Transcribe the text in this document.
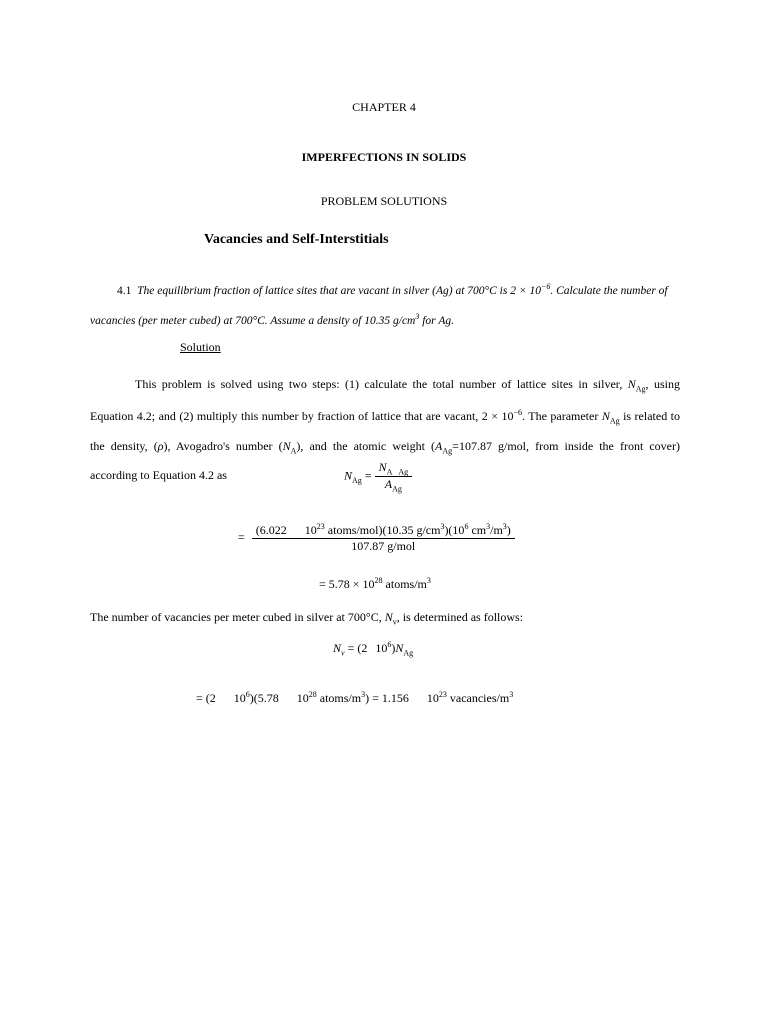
CHAPTER 4
IMPERFECTIONS IN SOLIDS
PROBLEM SOLUTIONS
Vacancies and Self-Interstitials
4.1 The equilibrium fraction of lattice sites that are vacant in silver (Ag) at 700°C is $2 \times 10^{-6}$. Calculate the number of vacancies (per meter cubed) at 700°C. Assume a density of 10.35 $g/cm^3$ for Ag.
Solution
This problem is solved using two steps: (1) calculate the total number of lattice sites in silver, $N_{Ag}$, using Equation 4.2; and (2) multiply this number by fraction of lattice that are vacant, $2 \times 10^{-6}$. The parameter $N_{Ag}$ is related to the density, (ρ), Avogadro's number $(N_A)$, and the atomic weight ($A_{Ag}=107.87$ g/mol, from inside the front cover) according to Equation 4.2 as	$N_{Ag} = \frac{N_A _{Ag}}{A_{Ag}}$
= $\frac{(6.022 10^{23} atoms/mol)(10.35 g/cm^3)(10^6 cm^3/m^3)}{\text{107.87 g/mol}}$
= $5.78 \times 10^{28}$ atoms/$m^3$
The number of vacancies per meter cubed in silver at 700°C, $N_v$, is determined as follows:
$N_v = (2$ $10^6)N_{Ag}$
= (2 $10^6)(5.78$ $10^{28}$ atoms/$m^3) = 1.156$ $10^{23}$ vacancies/$m^3$
